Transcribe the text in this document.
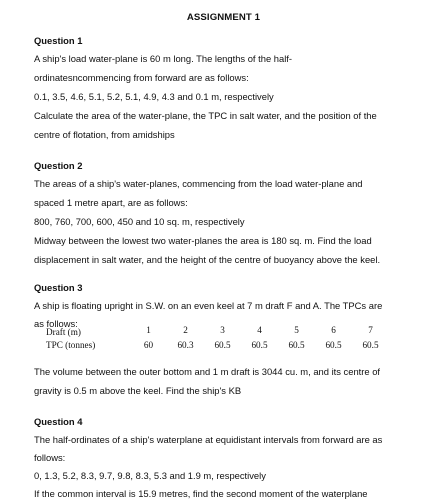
ASSIGNMENT 1
Question 1
A ship's load water-plane is 60 m long. The lengths of the half-
ordinatesncommencing from forward are as follows:
0.1, 3.5, 4.6, 5.1, 5.2, 5.1, 4.9, 4.3 and 0.1 m, respectively
Calculate the area of the water-plane, the TPC in salt water, and the position of the
centre of flotation, from amidships
Question 2
The areas of a ship's water-planes, commencing from the load water-plane and
spaced 1 metre apart, are as follows:
800, 760, 700, 600, 450 and 10 sq. m, respectively
Midway between the lowest two water-planes the area is 180 sq. m. Find the load
displacement in salt water, and the height of the centre of buoyancy above the keel.
Question 3
A ship is floating upright in S.W. on an even keel at 7 m draft F and A. The TPCs are
as follows:
Draft (m)	1	2	3	4	5	6	7
TPC (tonnes)	60	60.3	60.5	60.5	60.5	60.5	60.5
The volume between the outer bottom and 1 m draft is 3044 cu. m, and its centre of
gravity is 0.5 m above the keel. Find the ship's KB
Question 4
The half-ordinates of a ship's waterplane at equidistant intervals from forward are as
follows:
0, 1.3, 5.2, 8.3, 9.7, 9.8, 8.3, 5.3 and 1.9 m, respectively
If the common interval is 15.9 metres, find the second moment of the waterplane
